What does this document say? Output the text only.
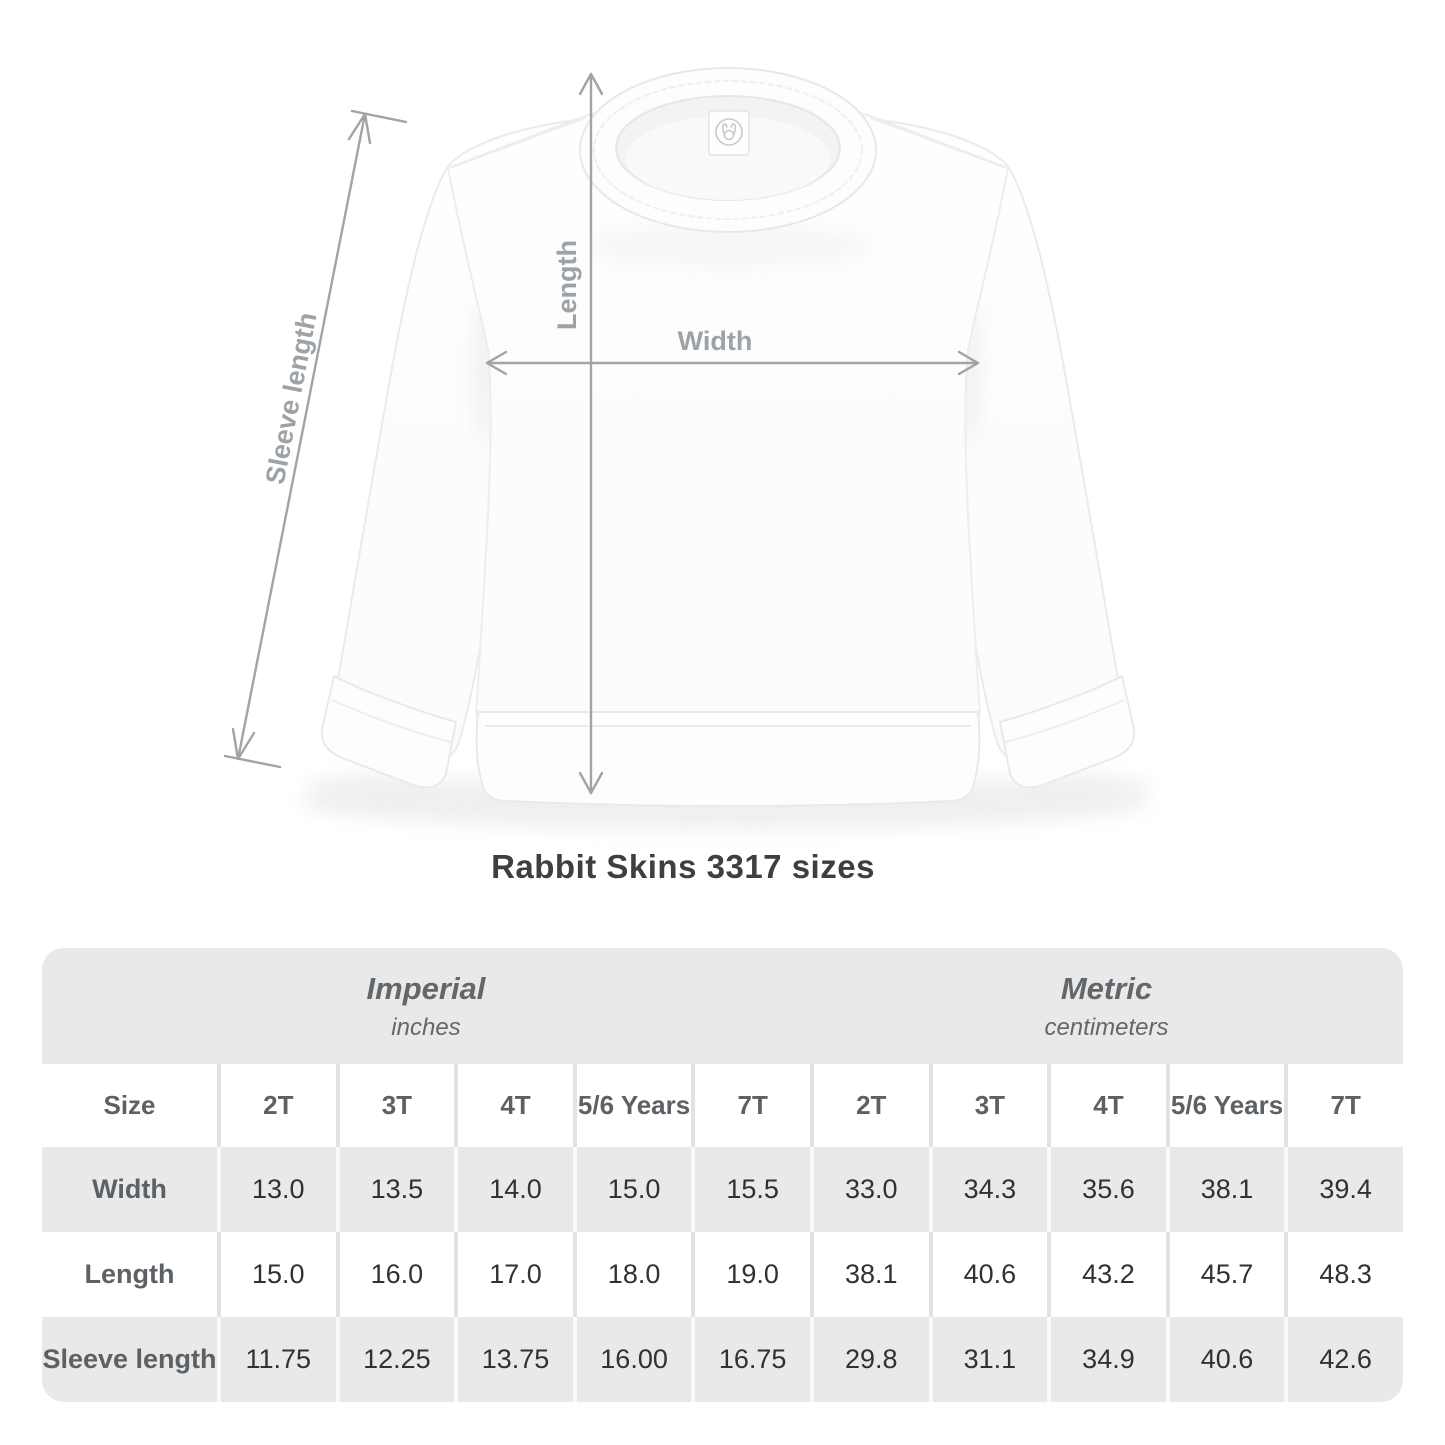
Sleeve length
Length
Width
Rabbit Skins 3317 sizes
Imperial
inches

Metric
centimeters

Size	2T	3T	4T	5/6 Years	7T	2T	3T	4T	5/6 Years	7T
Width	13.0	13.5	14.0	15.0	15.5	33.0	34.3	35.6	38.1	39.4
Length	15.0	16.0	17.0	18.0	19.0	38.1	40.6	43.2	45.7	48.3
Sleeve length	11.75	12.25	13.75	16.00	16.75	29.8	31.1	34.9	40.6	42.6
